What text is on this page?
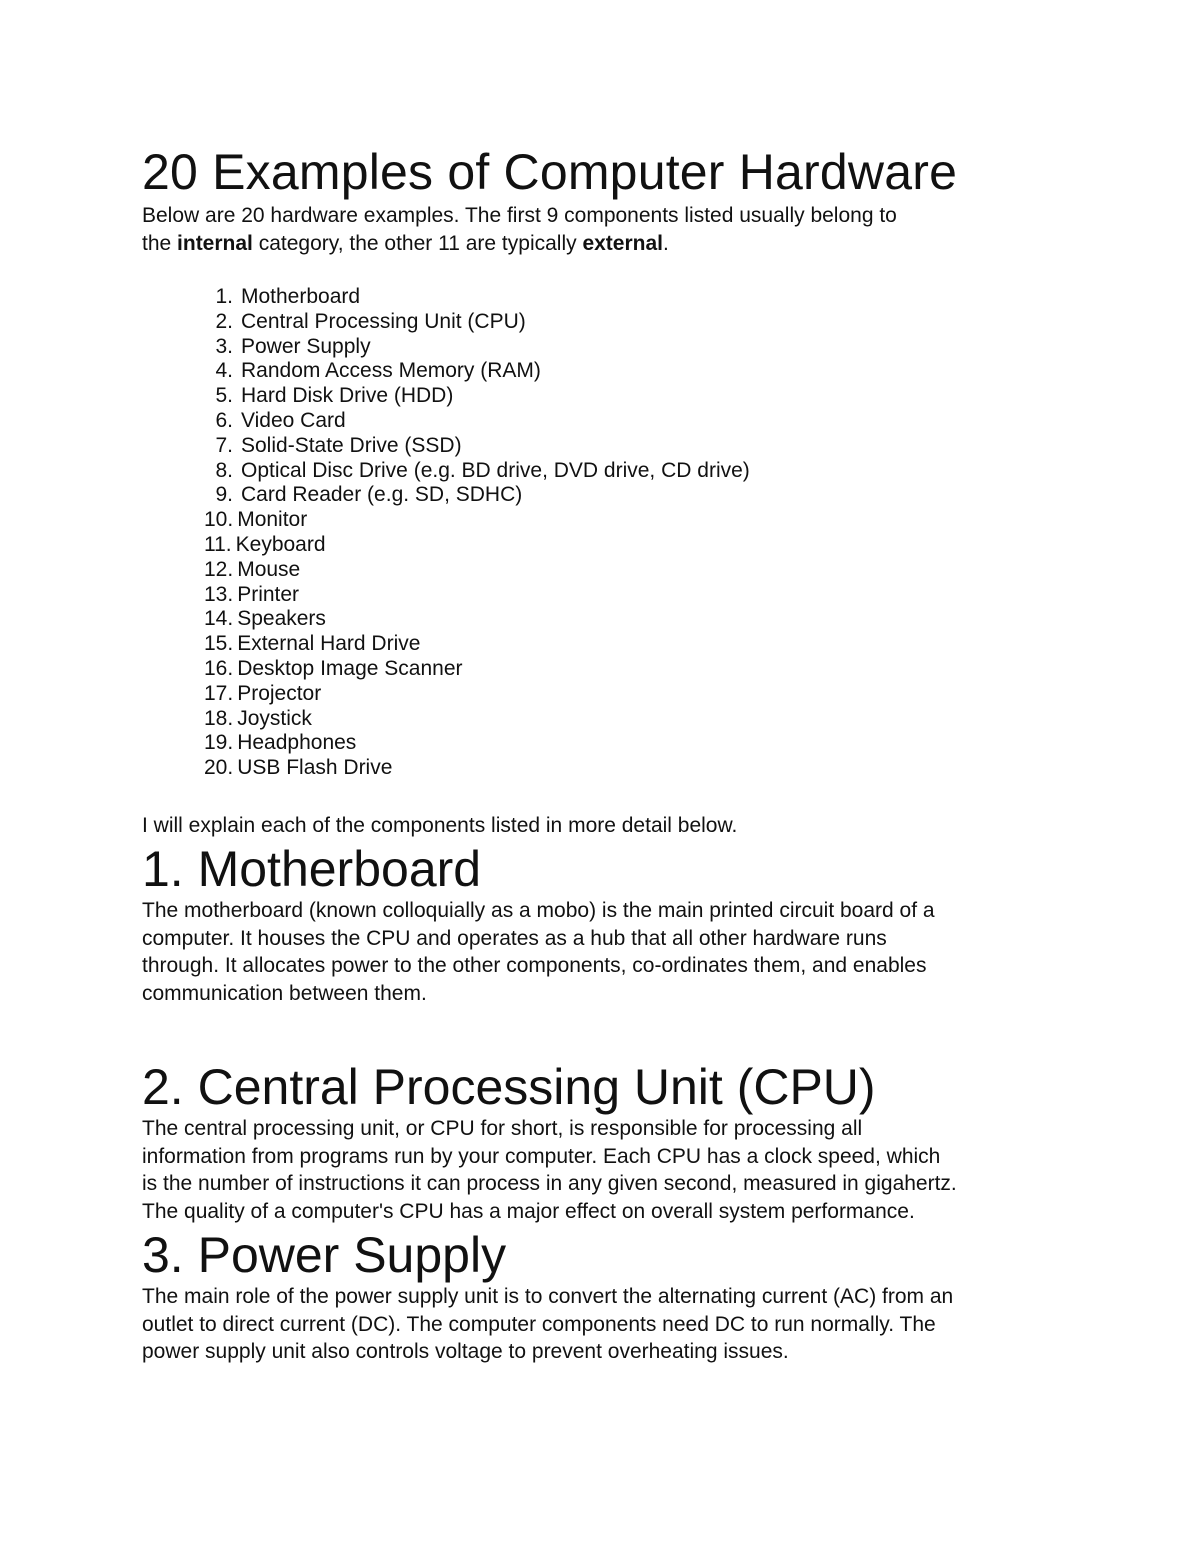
20 Examples of Computer Hardware

Below are 20 hardware examples. The first 9 components listed usually belong to
the internal category, the other 11 are typically external.

1. Motherboard
2. Central Processing Unit (CPU)
3. Power Supply
4. Random Access Memory (RAM)
5. Hard Disk Drive (HDD)
6. Video Card
7. Solid-State Drive (SSD)
8. Optical Disc Drive (e.g. BD drive, DVD drive, CD drive)
9. Card Reader (e.g. SD, SDHC)
10. Monitor
11. Keyboard
12. Mouse
13. Printer
14. Speakers
15. External Hard Drive
16. Desktop Image Scanner
17. Projector
18. Joystick
19. Headphones
20. USB Flash Drive

I will explain each of the components listed in more detail below.

1. Motherboard

The motherboard (known colloquially as a mobo) is the main printed circuit board of a
computer. It houses the CPU and operates as a hub that all other hardware runs
through. It allocates power to the other components, co-ordinates them, and enables
communication between them.

2. Central Processing Unit (CPU)

The central processing unit, or CPU for short, is responsible for processing all
information from programs run by your computer. Each CPU has a clock speed, which
is the number of instructions it can process in any given second, measured in gigahertz.
The quality of a computer's CPU has a major effect on overall system performance.

3. Power Supply

The main role of the power supply unit is to convert the alternating current (AC) from an
outlet to direct current (DC). The computer components need DC to run normally. The
power supply unit also controls voltage to prevent overheating issues.
